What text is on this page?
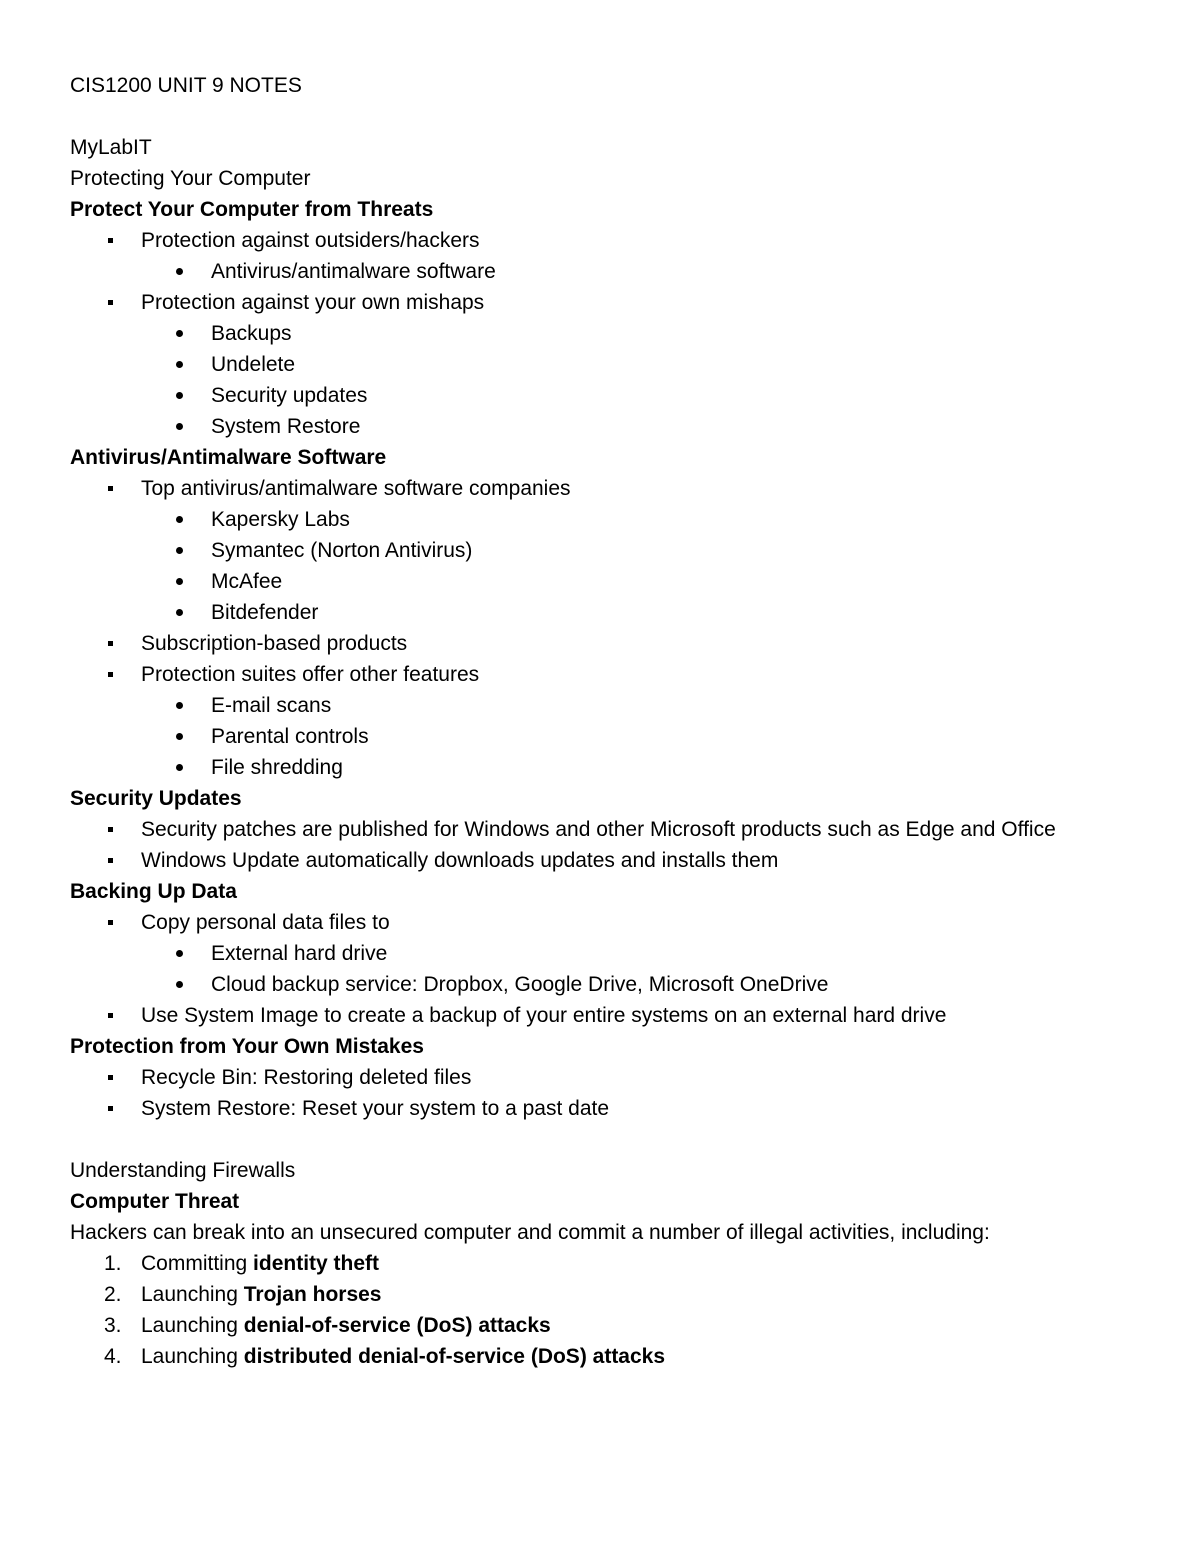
CIS1200 UNIT 9 NOTES
MyLabIT
Protecting Your Computer
Protect Your Computer from Threats
Protection against outsiders/hackers
Antivirus/antimalware software
Protection against your own mishaps
Backups
Undelete
Security updates
System Restore
Antivirus/Antimalware Software
Top antivirus/antimalware software companies
Kapersky Labs
Symantec (Norton Antivirus)
McAfee
Bitdefender
Subscription-based products
Protection suites offer other features
E-mail scans
Parental controls
File shredding
Security Updates
Security patches are published for Windows and other Microsoft products such as Edge and Office
Windows Update automatically downloads updates and installs them
Backing Up Data
Copy personal data files to
External hard drive
Cloud backup service: Dropbox, Google Drive, Microsoft OneDrive
Use System Image to create a backup of your entire systems on an external hard drive
Protection from Your Own Mistakes
Recycle Bin: Restoring deleted files
System Restore: Reset your system to a past date
Understanding Firewalls
Computer Threat
Hackers can break into an unsecured computer and commit a number of illegal activities, including:
1. Committing identity theft
2. Launching Trojan horses
3. Launching denial-of-service (DoS) attacks
4. Launching distributed denial-of-service (DoS) attacks
